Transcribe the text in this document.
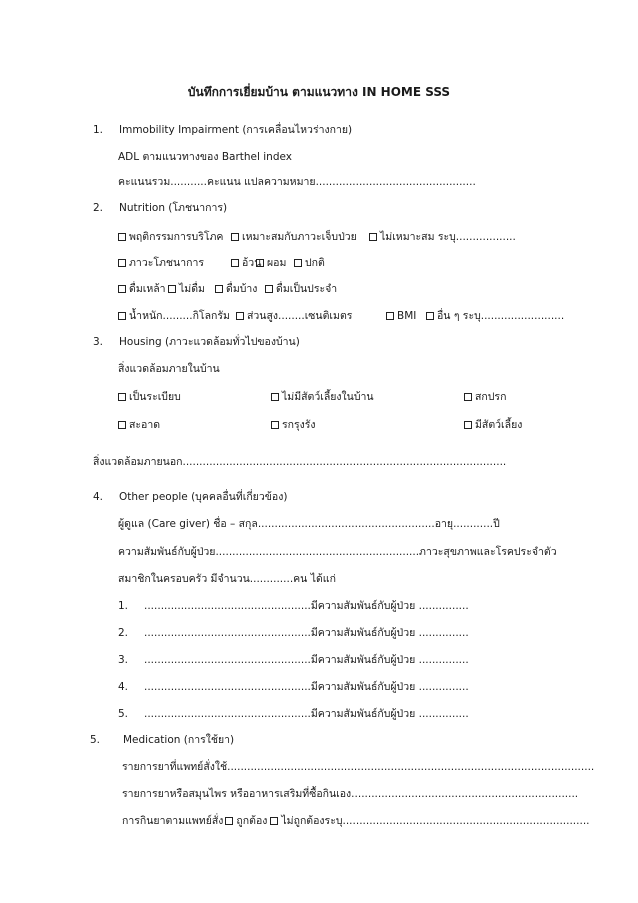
บันทึกการเยี่ยมบ้าน ตามแนวทาง IN HOME SSS
1. Immobility Impairment (การเคลื่อนไหวร่างกาย)
ADL ตามแนวทางของ Barthel index
คะแนนรวม...........คะแนน แปลความหมาย................................................
2. Nutrition (โภชนาการ)
พฤติกรรมการบริโภค	เหมาะสมกับภาวะเจ็บป่วย	ไม่เหมาะสม ระบุ..................
ภาวะโภชนาการ	อ้วน ผอม	ปกติ
ดื่มเหล้า	ไม่ดื่ม	ดื่มบ้าง	ดื่มเป็นประจำ
น้ำหนัก.........กิโลกรัม	ส่วนสูง........เซนติเมตร	BMI	อื่น ๆ ระบุ.........................
3. Housing (ภาวะแวดล้อมทั่วไปของบ้าน)
สิ่งแวดล้อมภายในบ้าน
เป็นระเบียบ	ไม่มีสัตว์เลี้ยงในบ้าน	สกปรก
สะอาด	รกรุงรัง	มีสัตว์เลี้ยง
สิ่งแวดล้อมภายนอก.................................................................................................
4. Other people (บุคคลอื่นที่เกี่ยวข้อง)
ผู้ดูแล (Care giver) ชื่อ – สกุล.....................................................อายุ............ปี
ความสัมพันธ์กับผู้ป่วย.............................................................ภาวะสุขภาพและโรคประจำตัว
สมาชิกในครอบครัว มีจำนวน.............คน ได้แก่
1. ..................................................มีความสัมพันธ์กับผู้ป่วย ...............
2. ..................................................มีความสัมพันธ์กับผู้ป่วย ...............
3. ..................................................มีความสัมพันธ์กับผู้ป่วย ...............
4. ..................................................มีความสัมพันธ์กับผู้ป่วย ...............
5. ..................................................มีความสัมพันธ์กับผู้ป่วย ...............
5. Medication (การใช้ยา)
รายการยาที่แพทย์สั่งใช้..............................................................................................................
รายการยาหรือสมุนไพร หรืออาหารเสริมที่ซื้อกินเอง....................................................................
การกินยาตามแพทย์สั่ง ถูกต้อง ไม่ถูกต้องระบุ..........................................................................
